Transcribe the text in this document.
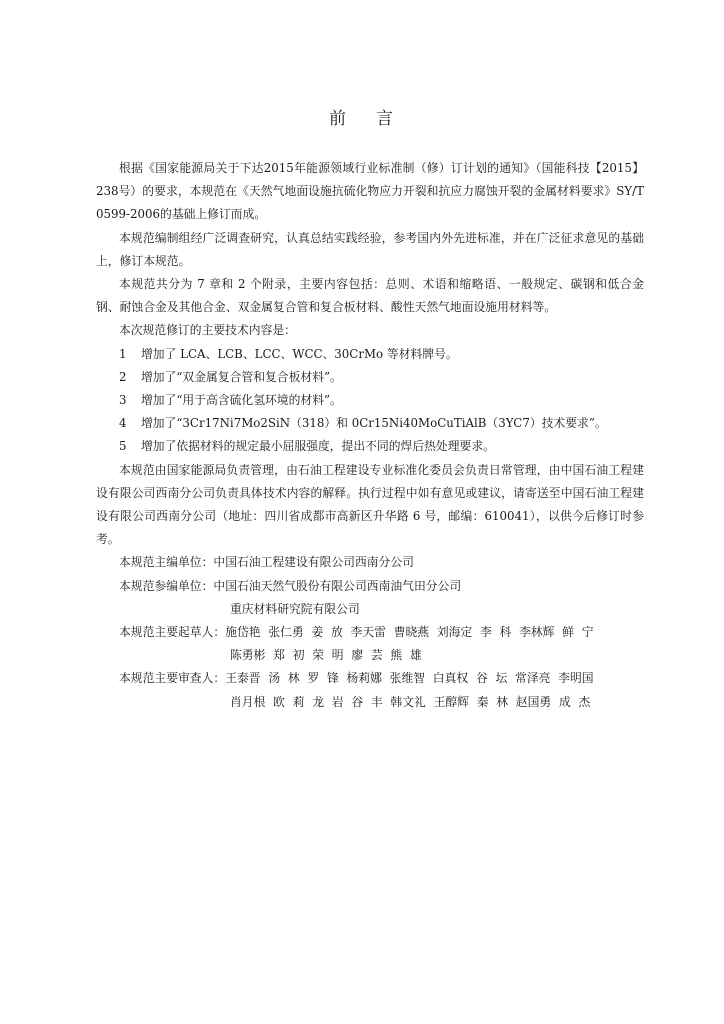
前 言

根据《国家能源局关于下达2015年能源领域行业标准制（修）订计划的通知》（国能科技【2015】238号）的要求，本规范在《天然气地面设施抗硫化物应力开裂和抗应力腐蚀开裂的金属材料要求》SY/T 0599-2006的基础上修订而成。

本规范编制组经广泛调查研究，认真总结实践经验，参考国内外先进标准，并在广泛征求意见的基础上，修订本规范。

本规范共分为 7 章和 2 个附录，主要内容包括：总则、术语和缩略语、一般规定、碳钢和低合金钢、耐蚀合金及其他合金、双金属复合管和复合板材料、酸性天然气地面设施用材料等。

本次规范修订的主要技术内容是：

1 增加了 LCA、LCB、LCC、WCC、30CrMo 等材料牌号。

2 增加了“双金属复合管和复合板材料”。

3 增加了“用于高含硫化氢环境的材料”。

4 增加了“3Cr17Ni7Mo2SiN（318）和 0Cr15Ni40MoCuTiAlB（3YC7）技术要求”。

5 增加了依据材料的规定最小屈服强度，提出不同的焊后热处理要求。

本规范由国家能源局负责管理，由石油工程建设专业标准化委员会负责日常管理，由中国石油工程建设有限公司西南分公司负责具体技术内容的解释。执行过程中如有意见或建议，请寄送至中国石油工程建设有限公司西南分公司（地址：四川省成都市高新区升华路 6 号，邮编：610041），以供今后修订时参考。

本规范主编单位：中国石油工程建设有限公司西南分公司

本规范参编单位：中国石油天然气股份有限公司西南油气田分公司

重庆材料研究院有限公司

本规范主要起草人：施岱艳 张仁勇 姜 放 李天雷 曹晓燕 刘海定 李 科 李林辉 鲜 宁

陈勇彬 郑 初 荣 明 廖 芸 熊 雄

本规范主要审查人：王泰晋 汤 林 罗 锋 杨莉娜 张维智 白真权 谷 坛 常泽亮 李明国

肖月根 欧 莉 龙 岩 谷 丰 韩文礼 王醇辉 秦 林 赵国勇 成 杰
